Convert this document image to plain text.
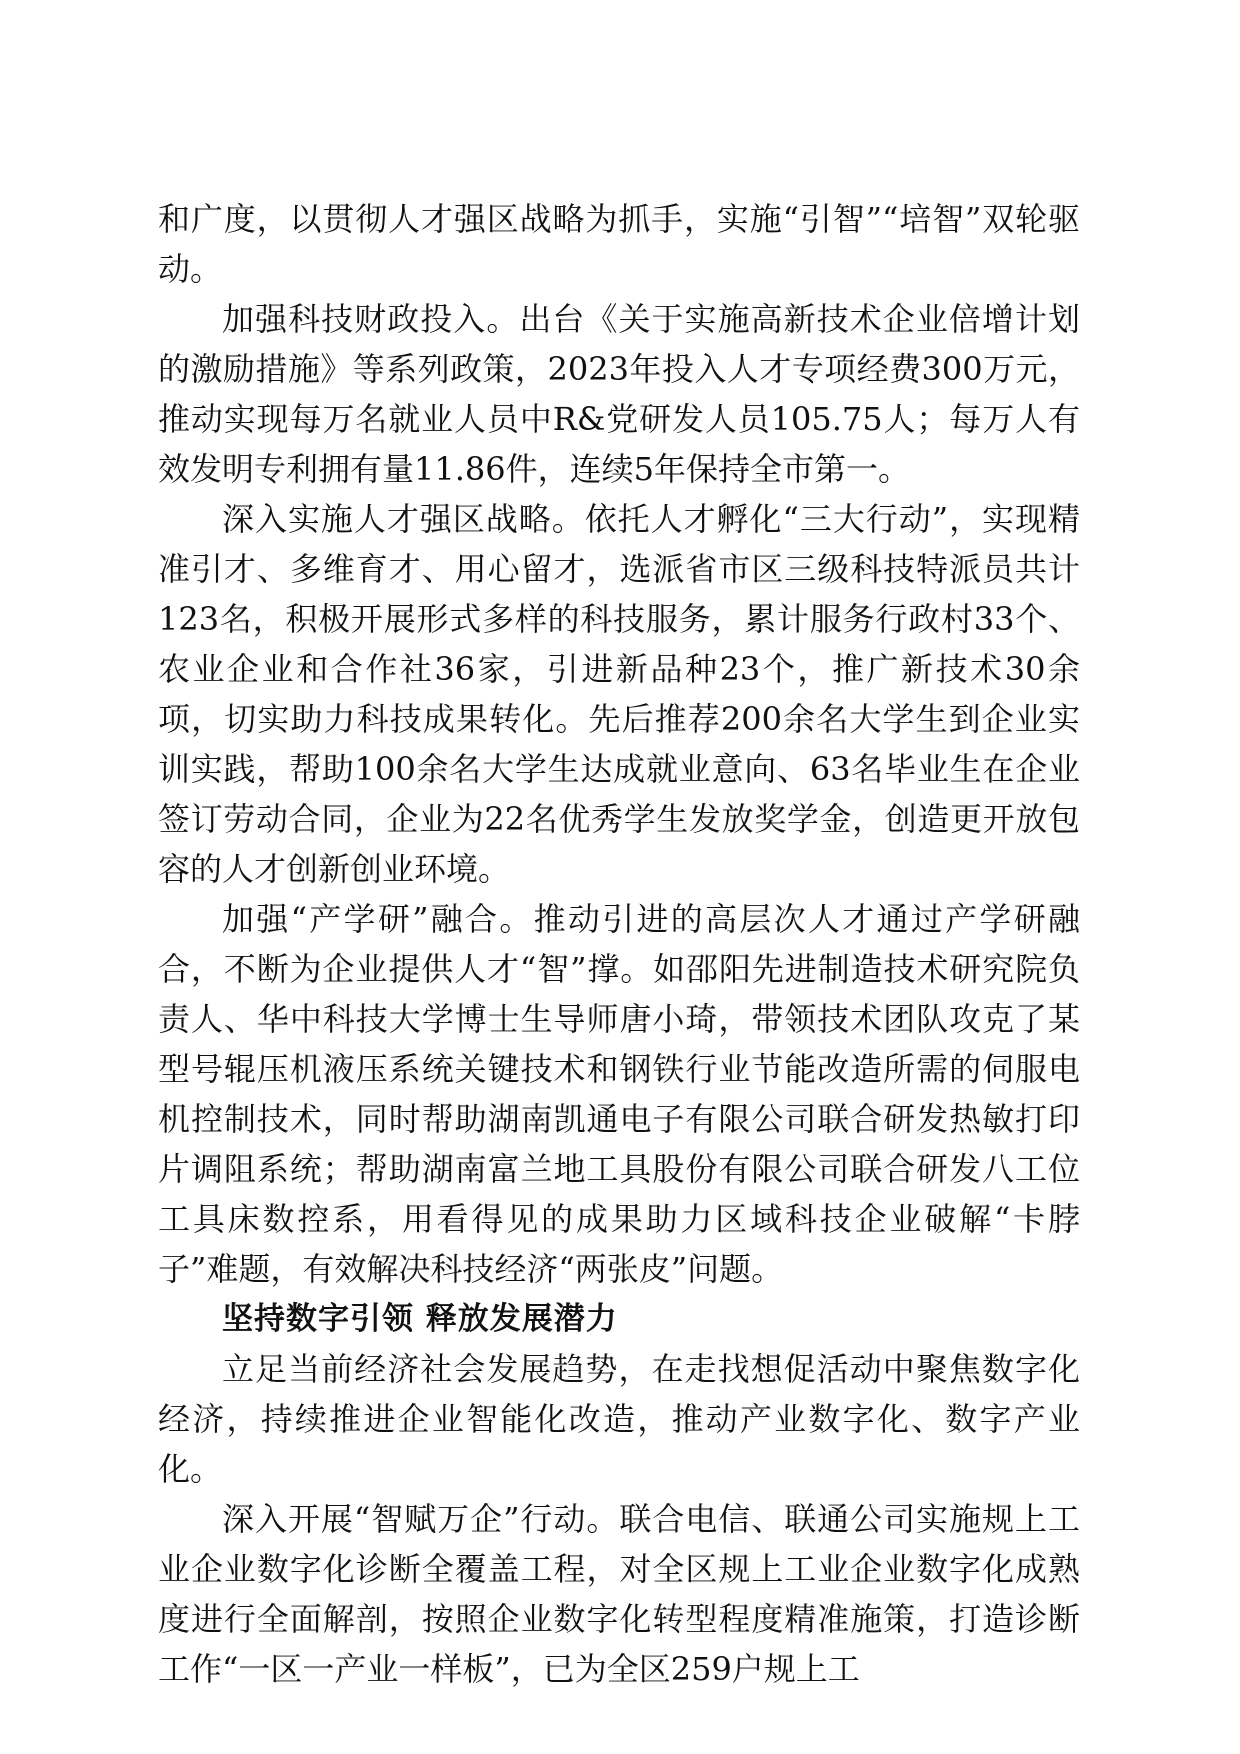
和广度，以贯彻人才强区战略为抓手，实施“引智”“培智”双轮驱动。

加强科技财政投入。出台《关于实施高新技术企业倍增计划的激励措施》等系列政策，2023年投入人才专项经费300万元，推动实现每万名就业人员中R&党研发人员105.75人；每万人有效发明专利拥有量11.86件，连续5年保持全市第一。

深入实施人才强区战略。依托人才孵化“三大行动”，实现精准引才、多维育才、用心留才，选派省市区三级科技特派员共计123名，积极开展形式多样的科技服务，累计服务行政村33个、农业企业和合作社36家，引进新品种23个，推广新技术30余项，切实助力科技成果转化。先后推荐200余名大学生到企业实训实践，帮助100余名大学生达成就业意向、63名毕业生在企业签订劳动合同，企业为22名优秀学生发放奖学金，创造更开放包容的人才创新创业环境。

加强“产学研”融合。推动引进的高层次人才通过产学研融合，不断为企业提供人才“智”撑。如邵阳先进制造技术研究院负责人、华中科技大学博士生导师唐小琦，带领技术团队攻克了某型号辊压机液压系统关键技术和钢铁行业节能改造所需的伺服电机控制技术，同时帮助湖南凯通电子有限公司联合研发热敏打印片调阻系统；帮助湖南富兰地工具股份有限公司联合研发八工位工具床数控系，用看得见的成果助力区域科技企业破解“卡脖子”难题，有效解决科技经济“两张皮”问题。

坚持数字引领 释放发展潜力

立足当前经济社会发展趋势，在走找想促活动中聚焦数字化经济，持续推进企业智能化改造，推动产业数字化、数字产业化。

深入开展“智赋万企”行动。联合电信、联通公司实施规上工业企业数字化诊断全覆盖工程，对全区规上工业企业数字化成熟度进行全面解剖，按照企业数字化转型程度精准施策，打造诊断工作“一区一产业一样板”，已为全区259户规上工
